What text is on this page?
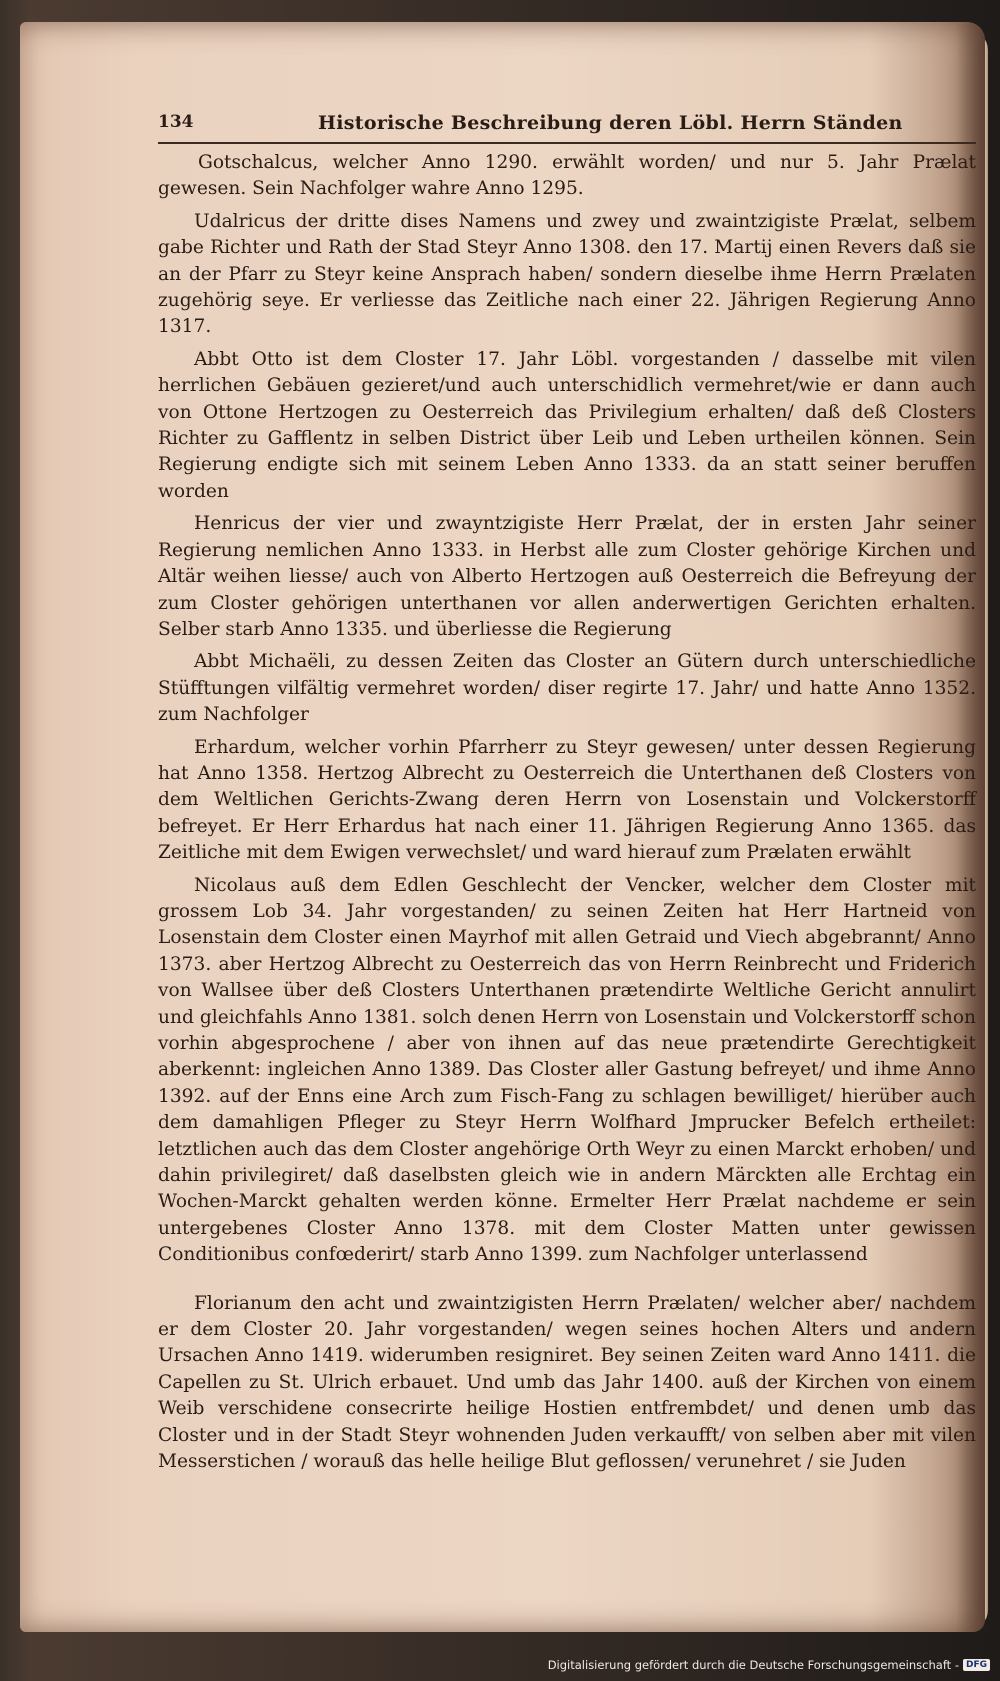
134	Historische Beschreibung deren Löbl. Herrn Ständen

Gotschalcus, welcher Anno 1290. erwählt worden/ und nur 5. Jahr Prælat gewesen. Sein Nachfolger wahre Anno 1295.

Udalricus der dritte dises Namens und zwey und zwaintzigiste Prælat, selbem gabe Richter und Rath der Stad Steyr Anno 1308. den 17. Martij einen Revers daß sie an der Pfarr zu Steyr keine Ansprach haben/ sondern dieselbe ihme Herrn Prælaten zugehörig seye. Er verliesse das Zeitliche nach einer 22. Jährigen Regierung Anno 1317.

Abbt Otto ist dem Closter 17. Jahr Löbl. vorgestanden / dasselbe mit vilen herrlichen Gebäuen gezieret/und auch unterschidlich vermehret/wie er dann auch von Ottone Hertzogen zu Oesterreich das Privilegium erhalten/ daß deß Closters Richter zu Gafflentz in selben District über Leib und Leben urtheilen können. Sein Regierung endigte sich mit seinem Leben Anno 1333. da an statt seiner beruffen worden

Henricus der vier und zwayntzigiste Herr Prælat, der in ersten Jahr seiner Regierung nemlichen Anno 1333. in Herbst alle zum Closter gehörige Kirchen und Altär weihen liesse/ auch von Alberto Hertzogen auß Oesterreich die Befreyung der zum Closter gehörigen unterthanen vor allen anderwertigen Gerichten erhalten. Selber starb Anno 1335. und überliesse die Regierung

Abbt Michaëli, zu dessen Zeiten das Closter an Gütern durch unterschiedliche Stüfftungen vilfältig vermehret worden/ diser regirte 17. Jahr/ und hatte Anno 1352. zum Nachfolger

Erhardum, welcher vorhin Pfarrherr zu Steyr gewesen/ unter dessen Regierung hat Anno 1358. Hertzog Albrecht zu Oesterreich die Unterthanen deß Closters von dem Weltlichen Gerichts-Zwang deren Herrn von Losenstain und Volckerstorff befreyet. Er Herr Erhardus hat nach einer 11. Jährigen Regierung Anno 1365. das Zeitliche mit dem Ewigen verwechslet/ und ward hierauf zum Prælaten erwählt

Nicolaus auß dem Edlen Geschlecht der Vencker, welcher dem Closter mit grossem Lob 34. Jahr vorgestanden/ zu seinen Zeiten hat Herr Hartneid von Losenstain dem Closter einen Mayrhof mit allen Getraid und Viech abgebrannt/ Anno 1373. aber Hertzog Albrecht zu Oesterreich das von Herrn Reinbrecht und Friderich von Wallsee über deß Closters Unterthanen prætendirte Weltliche Gericht annulirt und gleichfahls Anno 1381. solch denen Herrn von Losenstain und Volckerstorff schon vorhin abgesprochene / aber von ihnen auf das neue prætendirte Gerechtigkeit aberkennt: ingleichen Anno 1389. Das Closter aller Gastung befreyet/ und ihme Anno 1392. auf der Enns eine Arch zum Fisch-Fang zu schlagen bewilliget/ hierüber auch dem damahligen Pfleger zu Steyr Herrn Wolfhard Jmprucker Befelch ertheilet: letztlichen auch das dem Closter angehörige Orth Weyr zu einen Marckt erhoben/ und dahin privilegiret/ daß daselbsten gleich wie in andern Märckten alle Erchtag ein Wochen-Marckt gehalten werden könne. Ermelter Herr Prælat nachdeme er sein untergebenes Closter Anno 1378. mit dem Closter Matten unter gewissen Conditionibus confœderirt/ starb Anno 1399. zum Nachfolger unterlassend

Florianum den acht und zwaintzigisten Herrn Prælaten/ welcher aber/ nachdem er dem Closter 20. Jahr vorgestanden/ wegen seines hochen Alters und andern Ursachen Anno 1419. widerumben resigniret. Bey seinen Zeiten ward Anno 1411. die Capellen zu St. Ulrich erbauet. Und umb das Jahr 1400. auß der Kirchen von einem Weib verschidene consecrirte heilige Hostien entfrembdet/ und denen umb das Closter und in der Stadt Steyr wohnenden Juden verkaufft/ von selben aber mit vilen Messerstichen / worauß das helle heilige Blut geflossen/ verunehret / sie Juden

Digitalisierung gefördert durch die Deutsche Forschungsgemeinschaft - DFG
